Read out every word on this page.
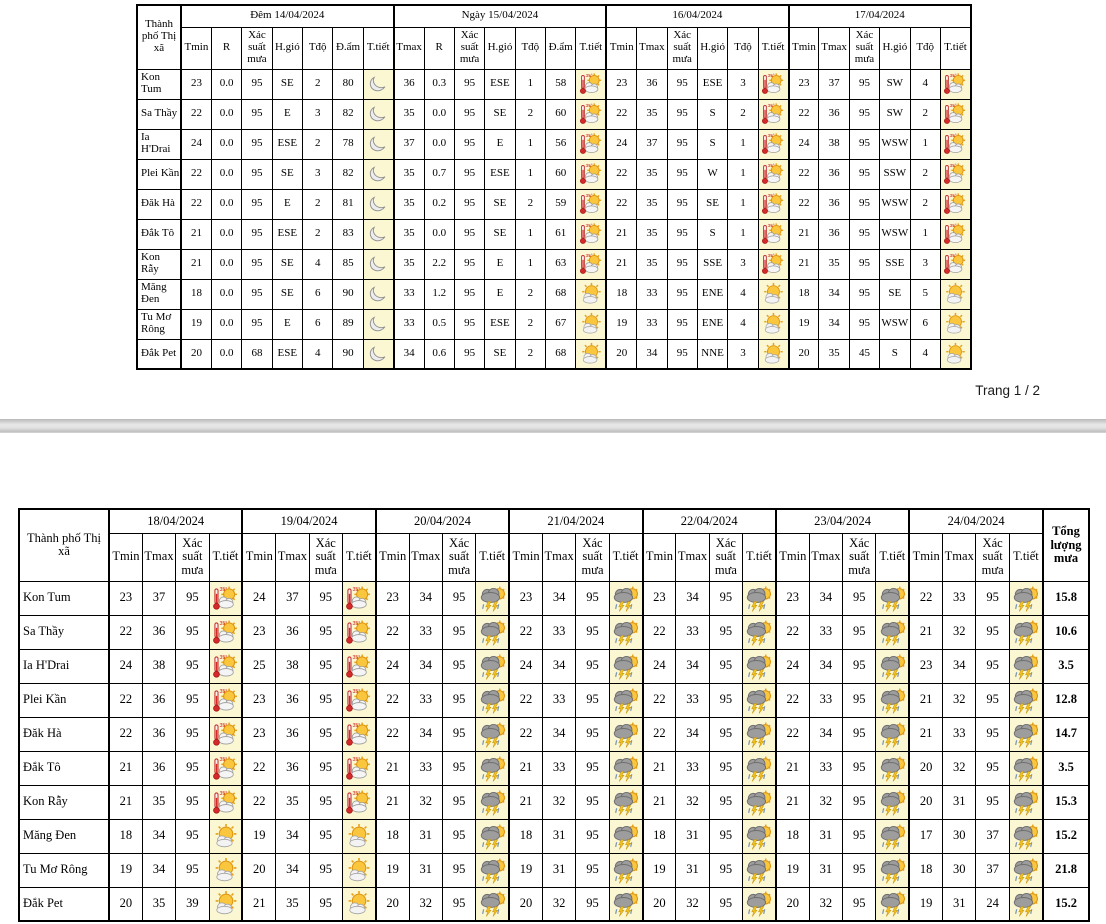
Thành phố Thị xã	Đêm 14/04/2024							Ngày 15/04/2024							16/04/2024						17/04/2024					
	Tmin	R	Xác suất mưa	H.gió	Tđộ	Đ.ẩm	T.tiết	Tmax	R	Xác suất mưa	H.gió	Tđộ	Đ.ẩm	T.tiết	Tmin	Tmax	Xác suất mưa	H.gió	Tđộ	T.tiết	Tmin	Tmax	Xác suất mưa	H.gió	Tđộ	T.tiết
Kon Tum	23	0.0	95	SE	2	80		36	0.3	95	ESE	1	58	35°	23	36	95	ESE	3	35°	23	37	95	SW	4	35°

Sa Thầy	22	0.0	95	E	3	82		35	0.0	95	SE	2	60	35°	22	35	95	S	2	35°	22	36	95	SW	2	35°

Ia H'Drai	24	0.0	95	ESE	2	78		37	0.0	95	E	1	56	35°	24	37	95	S	1	35°	24	38	95	WSW	1	35°

Plei Kần	22	0.0	95	SE	3	82		35	0.7	95	ESE	1	60	35°	22	35	95	W	1	35°	22	36	95	SSW	2	35°

Đăk Hà	22	0.0	95	E	2	81		35	0.2	95	SE	2	59	35°	22	35	95	SE	1	35°	22	36	95	WSW	2	35°

Đắk Tô	21	0.0	95	ESE	2	83		35	0.0	95	SE	1	61	35°	21	35	95	S	1	35°	21	36	95	WSW	1	35°

Kon Rẫy	21	0.0	95	SE	4	85		35	2.2	95	E	1	63	35°	21	35	95	SSE	3	35°	21	35	95	SSE	3	35°

Măng Đen	18	0.0	95	SE	6	90		33	1.2	95	E	2	68		18	33	95	ENE	4		18	34	95	SE	5	

Tu Mơ Rông	19	0.0	95	E	6	89		33	0.5	95	ESE	2	67		19	33	95	ENE	4		19	34	95	WSW	6	

Đắk Pet	20	0.0	68	ESE	4	90		34	0.6	95	SE	2	68		20	34	95	NNE	3		20	35	45	S	4	
Trang 1 / 2
Thành phố Thị xã	18/04/2024				19/04/2024				20/04/2024				21/04/2024				22/04/2024				23/04/2024				24/04/2024				Tổng lượng mưa
	Tmin	Tmax	Xác suất mưa	T.tiết	Tmin	Tmax	Xác suất mưa	T.tiết	Tmin	Tmax	Xác suất mưa	T.tiết	Tmin	Tmax	Xác suất mưa	T.tiết	Tmin	Tmax	Xác suất mưa	T.tiết	Tmin	Tmax	Xác suất mưa	T.tiết	Tmin	Tmax	Xác suất mưa	T.tiết	
Kon Tum	23	37	95	35°	24	37	95	35°	23	34	95		23	34	95		23	34	95		23	34	95		22	33	95		15.8
Sa Thầy	22	36	95	35°	23	36	95	35°	22	33	95		22	33	95		22	33	95		22	33	95		21	32	95		10.6
Ia H'Drai	24	38	95	35°	25	38	95	35°	24	34	95		24	34	95		24	34	95		24	34	95		23	34	95		3.5
Plei Kần	22	36	95	35°	23	36	95	35°	22	33	95		22	33	95		22	33	95		22	33	95		21	32	95		12.8
Đăk Hà	22	36	95	35°	23	36	95	35°	22	34	95		22	34	95		22	34	95		22	34	95		21	33	95		14.7
Đắk Tô	21	36	95	35°	22	36	95	35°	21	33	95		21	33	95		21	33	95		21	33	95		20	32	95		3.5
Kon Rẫy	21	35	95	35°	22	35	95	35°	21	32	95		21	32	95		21	32	95		21	32	95		20	31	95		15.3
Măng Đen	18	34	95		19	34	95		18	31	95		18	31	95		18	31	95		18	31	95		17	30	37		15.2
Tu Mơ Rông	19	34	95		20	34	95		19	31	95		19	31	95		19	31	95		19	31	95		18	30	37		21.8
Đắk Pet	20	35	39		21	35	95		20	32	95		20	32	95		20	32	95		20	32	95		19	31	24		15.2
